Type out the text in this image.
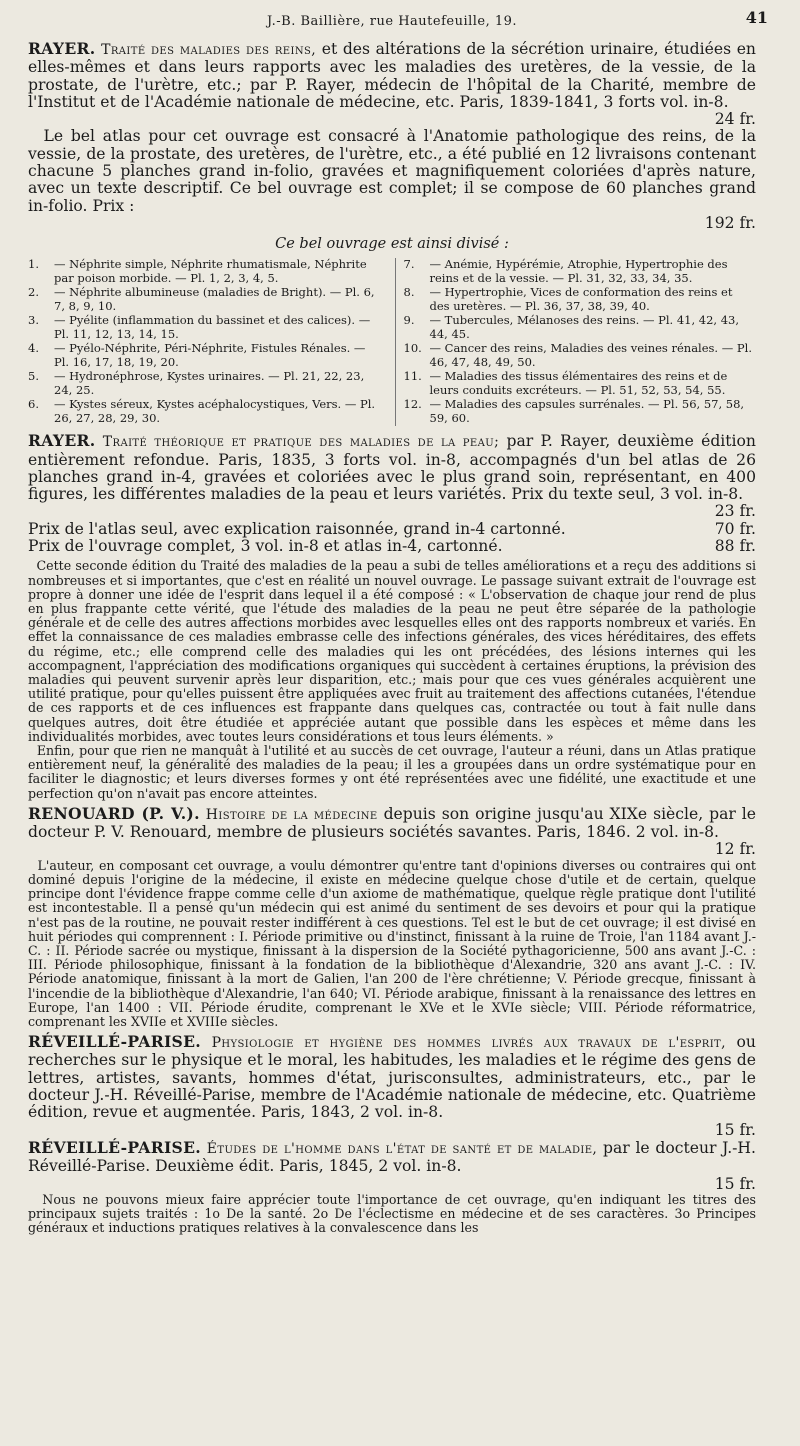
J.-B. Baillière, rue Hautefeuille, 19.	41

RAYER. Traité des maladies des reins, et des altérations de la sécrétion urinaire, étudiées en elles-mêmes et dans leurs rapports avec les maladies des uretères, de la vessie, de la prostate, de l'urètre, etc.; par P. Rayer, médecin de l'hôpital de la Charité, membre de l'Institut et de l'Académie nationale de médecine, etc. Paris, 1839-1841, 3 forts vol. in-8.

24 fr.

Le bel atlas pour cet ouvrage est consacré à l'Anatomie pathologique des reins, de la vessie, de la prostate, des uretères, de l'urètre, etc., a été publié en 12 livraisons contenant chacune 5 planches grand in-folio, gravées et magnifiquement coloriées d'après nature, avec un texte descriptif. Ce bel ouvrage est complet; il se compose de 60 planches grand in-folio. Prix :

192 fr.
Ce bel ouvrage est ainsi divisé :
1.	— Néphrite simple, Néphrite rhumatismale, Néphrite par poison morbide. — Pl. 1, 2, 3, 4, 5.
2.	— Néphrite albumineuse (maladies de Bright). — Pl. 6, 7, 8, 9, 10.
3.	— Pyélite (inflammation du bassinet et des calices). — Pl. 11, 12, 13, 14, 15.
4.	— Pyélo-Néphrite, Péri-Néphrite, Fistules Rénales. — Pl. 16, 17, 18, 19, 20.
5.	— Hydronéphrose, Kystes urinaires. — Pl. 21, 22, 23, 24, 25.
6.	— Kystes séreux, Kystes acéphalocystiques, Vers. — Pl. 26, 27, 28, 29, 30.
7.	— Anémie, Hypérémie, Atrophie, Hypertrophie des reins et de la vessie. — Pl. 31, 32, 33, 34, 35.
8.	— Hypertrophie, Vices de conformation des reins et des uretères. — Pl. 36, 37, 38, 39, 40.
9.	— Tubercules, Mélanoses des reins. — Pl. 41, 42, 43, 44, 45.
10. — Cancer des reins, Maladies des veines rénales. — Pl. 46, 47, 48, 49, 50.
11. — Maladies des tissus élémentaires des reins et de leurs conduits excréteurs. — Pl. 51, 52, 53, 54, 55.
12. — Maladies des capsules surrénales. — Pl. 56, 57, 58, 59, 60.

RAYER. Traité théorique et pratique des maladies de la peau; par P. Rayer, deuxième édition entièrement refondue. Paris, 1835, 3 forts vol. in-8, accompagnés d'un bel atlas de 26 planches grand in-4, gravées et coloriées avec le plus grand soin, représentant, en 400 figures, les différentes maladies de la peau et leurs variétés. Prix du texte seul, 3 vol. in-8.

23 fr.
Prix de l'atlas seul, avec explication raisonnée, grand in-4 cartonné.	70 fr.
Prix de l'ouvrage complet, 3 vol. in-8 et atlas in-4, cartonné.	88 fr.

Cette seconde édition du Traité des maladies de la peau a subi de telles améliorations et a reçu des additions si nombreuses et si importantes, que c'est en réalité un nouvel ouvrage. Le passage suivant extrait de l'ouvrage est propre à donner une idée de l'esprit dans lequel il a été composé : « L'observation de chaque jour rend de plus en plus frappante cette vérité, que l'étude des maladies de la peau ne peut être séparée de la pathologie générale et de celle des autres affections morbides avec lesquelles elles ont des rapports nombreux et variés. En effet la connaissance de ces maladies embrasse celle des infections générales, des vices héréditaires, des effets du régime, etc.; elle comprend celle des maladies qui les ont précédées, des lésions internes qui les accompagnent, l'appréciation des modifications organiques qui succèdent à certaines éruptions, la prévision des maladies qui peuvent survenir après leur disparition, etc.; mais pour que ces vues générales acquièrent une utilité pratique, pour qu'elles puissent être appliquées avec fruit au traitement des affections cutanées, l'étendue de ces rapports et de ces influences est frappante dans quelques cas, contractée ou tout à fait nulle dans quelques autres, doit être étudiée et appréciée autant que possible dans les espèces et même dans les individualités morbides, avec toutes leurs considérations et tous leurs éléments. »

Enfin, pour que rien ne manquât à l'utilité et au succès de cet ouvrage, l'auteur a réuni, dans un Atlas pratique entièrement neuf, la généralité des maladies de la peau; il les a groupées dans un ordre systématique pour en faciliter le diagnostic; et leurs diverses formes y ont été représentées avec une fidélité, une exactitude et une perfection qu'on n'avait pas encore atteintes.

RENOUARD (P. V.). Histoire de la médecine depuis son origine jusqu'au XIXe siècle, par le docteur P. V. Renouard, membre de plusieurs sociétés savantes. Paris, 1846. 2 vol. in-8.

12 fr.

L'auteur, en composant cet ouvrage, a voulu démontrer qu'entre tant d'opinions diverses ou contraires qui ont dominé depuis l'origine de la médecine, il existe en médecine quelque chose d'utile et de certain, quelque principe dont l'évidence frappe comme celle d'un axiome de mathématique, quelque règle pratique dont l'utilité est incontestable. Il a pensé qu'un médecin qui est animé du sentiment de ses devoirs et pour qui la pratique n'est pas de la routine, ne pouvait rester indifférent à ces questions. Tel est le but de cet ouvrage; il est divisé en huit périodes qui comprennent : I. Période primitive ou d'instinct, finissant à la ruine de Troie, l'an 1184 avant J.-C. : II. Période sacrée ou mystique, finissant à la dispersion de la Société pythagoricienne, 500 ans avant J.-C. : III. Période philosophique, finissant à la fondation de la bibliothèque d'Alexandrie, 320 ans avant J.-C. : IV. Période anatomique, finissant à la mort de Galien, l'an 200 de l'ère chrétienne; V. Période grecque, finissant à l'incendie de la bibliothèque d'Alexandrie, l'an 640; VI. Période arabique, finissant à la renaissance des lettres en Europe, l'an 1400 : VII. Période érudite, comprenant le XVe et le XVIe siècle; VIII. Période réformatrice, comprenant les XVIIe et XVIIIe siècles.

RÉVEILLÉ-PARISE. Physiologie et hygiène des hommes livrés aux travaux de l'esprit, ou recherches sur le physique et le moral, les habitudes, les maladies et le régime des gens de lettres, artistes, savants, hommes d'état, jurisconsultes, administrateurs, etc., par le docteur J.-H. Réveillé-Parise, membre de l'Académie nationale de médecine, etc. Quatrième édition, revue et augmentée. Paris, 1843, 2 vol. in-8.

15 fr.

RÉVEILLÉ-PARISE. Études de l'homme dans l'état de santé et de maladie, par le docteur J.-H. Réveillé-Parise. Deuxième édit. Paris, 1845, 2 vol. in-8.

15 fr.

Nous ne pouvons mieux faire apprécier toute l'importance de cet ouvrage, qu'en indiquant les titres des principaux sujets traités : 1o De la santé. 2o De l'éclectisme en médecine et de ses caractères. 3o Principes généraux et inductions pratiques relatives à la convalescence dans les
